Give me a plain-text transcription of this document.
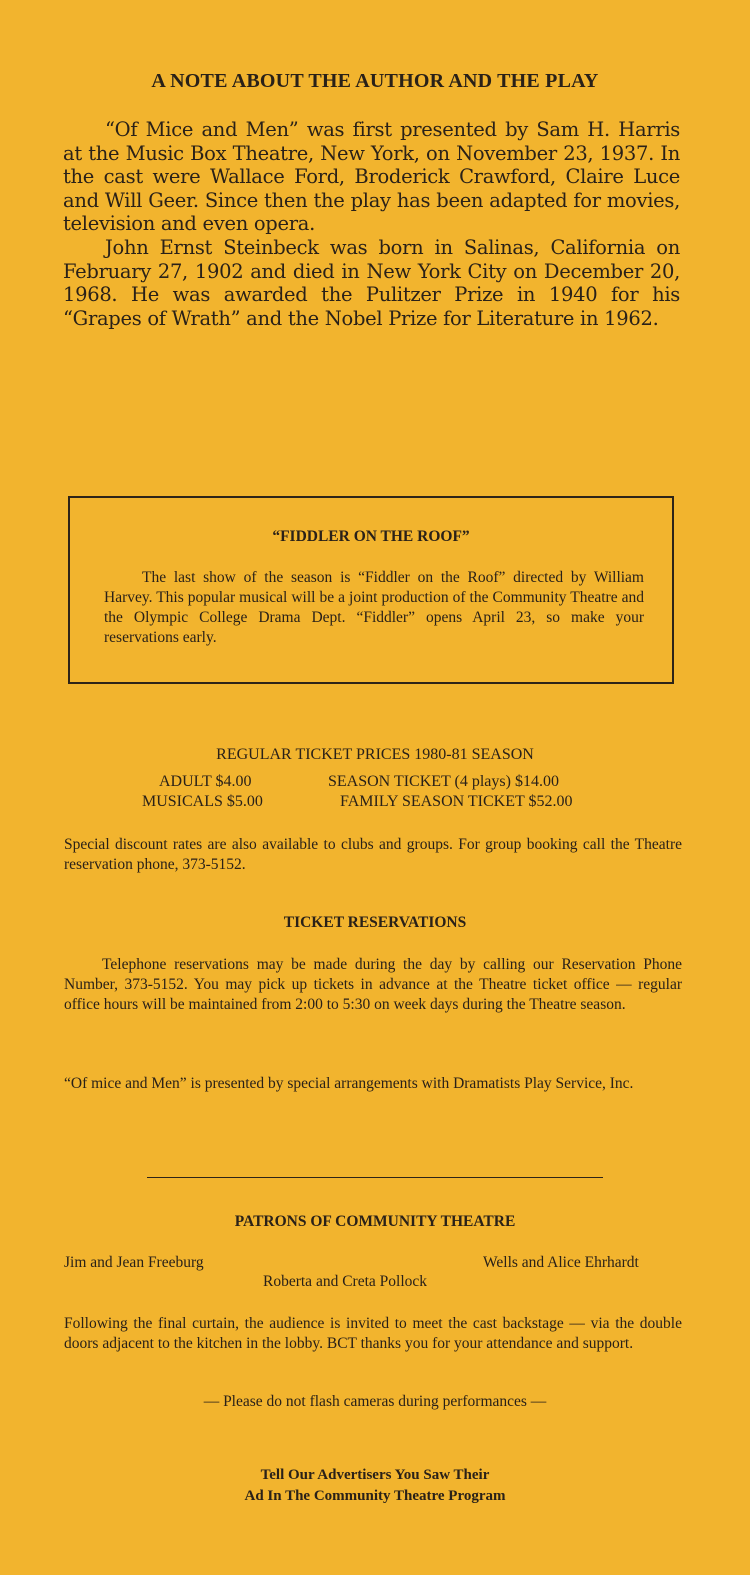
A NOTE ABOUT THE AUTHOR AND THE PLAY

“Of Mice and Men” was first presented by Sam H. Harris at the Music Box Theatre, New York, on November 23, 1937. In the cast were Wallace Ford, Broderick Crawford, Claire Luce and Will Geer. Since then the play has been adapted for movies, television and even opera.

John Ernst Steinbeck was born in Salinas, California on February 27, 1902 and died in New York City on December 20, 1968. He was awarded the Pulitzer Prize in 1940 for his “Grapes of Wrath” and the Nobel Prize for Literature in 1962.

“FIDDLER ON THE ROOF”

The last show of the season is “Fiddler on the Roof” directed by William Harvey. This popular musical will be a joint production of the Community Theatre and the Olympic College Drama Dept. “Fiddler” opens April 23, so make your reservations early.

REGULAR TICKET PRICES 1980-81 SEASON
ADULT $4.00	SEASON TICKET (4 plays) $14.00
MUSICALS $5.00	FAMILY SEASON TICKET $52.00

Special discount rates are also available to clubs and groups. For group booking call the Theatre reservation phone, 373-5152.

TICKET RESERVATIONS

Telephone reservations may be made during the day by calling our Reservation Phone Number, 373-5152. You may pick up tickets in advance at the Theatre ticket office — regular office hours will be maintained from 2:00 to 5:30 on week days during the Theatre season.

“Of mice and Men” is presented by special arrangements with Dramatists Play Service, Inc.

PATRONS OF COMMUNITY THEATRE
Jim and Jean Freeburg	Wells and Alice Ehrhardt
Roberta and Creta Pollock

Following the final curtain, the audience is invited to meet the cast backstage — via the double doors adjacent to the kitchen in the lobby. BCT thanks you for your attendance and support.

— Please do not flash cameras during performances —
Tell Our Advertisers You Saw Their
Ad In The Community Theatre Program
